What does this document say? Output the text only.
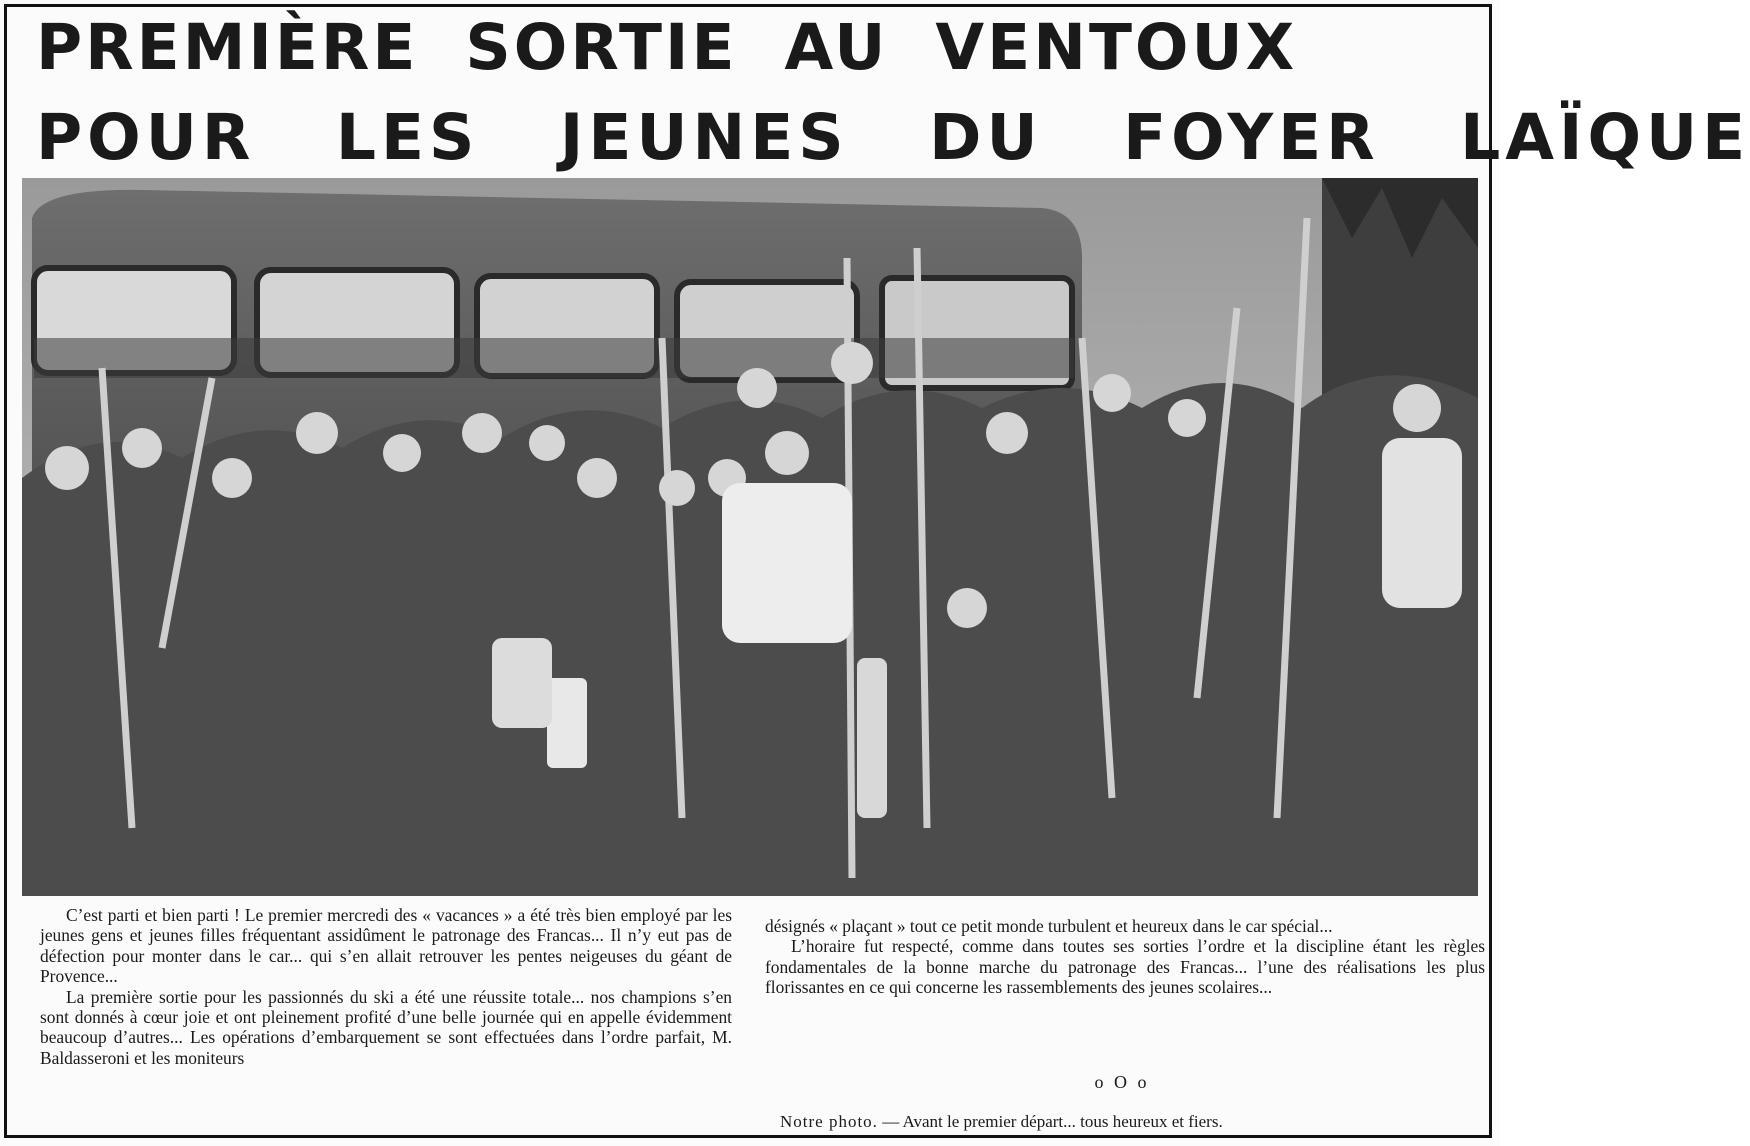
PREMIÈRE SORTIE AU VENTOUX
POUR LES JEUNES DU FOYER LAÏQUE

C’est parti et bien parti ! Le premier mercredi des « vacances » a été très bien employé par les jeunes gens et jeunes filles fréquentant assidûment le patronage des Francas... Il n’y eut pas de défection pour monter dans le car... qui s’en allait retrouver les pentes neigeuses du géant de Provence...

La première sortie pour les passionnés du ski a été une réussite totale... nos champions s’en sont donnés à cœur joie et ont pleinement profité d’une belle journée qui en appelle évidemment beaucoup d’autres... Les opérations d’embarquement se sont effectuées dans l’ordre parfait, M. Baldasseroni et les moniteurs

désignés « plaçant » tout ce petit monde turbulent et heureux dans le car spécial...

L’horaire fut respecté, comme dans toutes ses sorties l’ordre et la discipline étant les règles fondamentales de la bonne marche du patronage des Francas... l’une des réalisations les plus florissantes en ce qui concerne les rassemblements des jeunes scolaires...

o O o
Notre photo. — Avant le premier départ... tous heureux et fiers.
